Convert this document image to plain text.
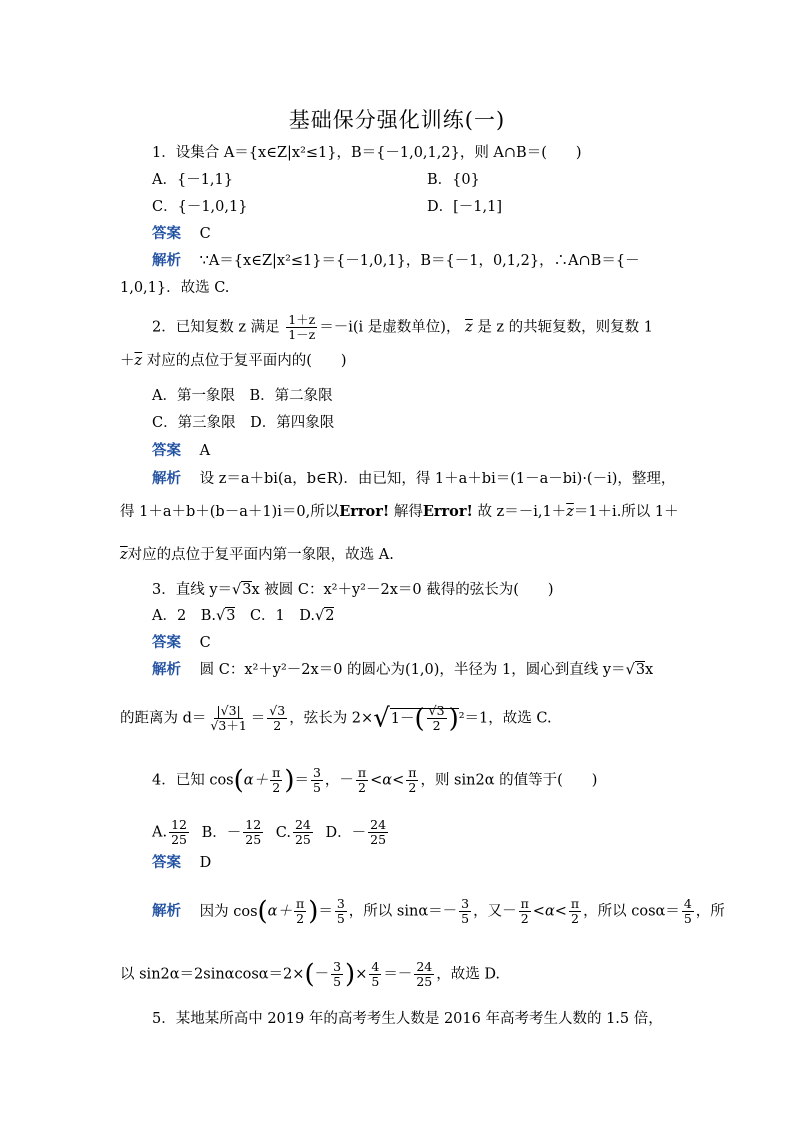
基础保分强化训练(一)
1．设集合 A＝{x∈Z|x²≤1}，B＝{－1,0,1,2}，则 A∩B＝(　　)
A．{－1,1}	B．{0}
C．{－1,0,1}	D．[－1,1]
答案 C
解析 ∵A＝{x∈Z|x²≤1}＝{－1,0,1}，B＝{－1，0,1,2}，∴A∩B＝{－
1,0,1}．故选 C.
2．已知复数 z 满足 $\frac{1+z}{1-z} =-i(i$ 是虚数单位)， $\overline{z}$ 是 z 的共轭复数，则复数 1
$+\overline{z}$ 对应的点位于复平面内的(　　)
A．第一象限　B．第二象限
C．第三象限　D．第四象限
答案 A
解析 设 z＝a＋bi(a，b∈R)．由已知，得 1＋a＋bi＝(1－a－bi)·(－i)，整理，
得 1＋a＋b＋(b－a＋1)i＝0,所以Error! 解得Error! 故 $z=-i,1+\overline{z}=1+i$.所以 1＋
$\overline{z}$对应的点位于复平面内第一象限，故选 A.
3．直线 y＝√3x 被圆 C：x²＋y²－2x＝0 截得的弦长为(　　)
A．2　B.√3　C．1　D.√2
答案 C
解析 圆 C：x²＋y²－2x＝0 的圆心为(1,0)，半径为 1，圆心到直线 y＝√3x
的距离为 $d= \frac{|√3|}{√3+1} = \frac{√3}{2}$ ，弦长为 $2\times√1-( \frac{√3}{2} )^2=1$，故选 C.
4．已知 $\cos(\alpha+ \frac{\pi}{2}$ )＝ $\frac{3}{5}$ ，－ $\frac{\pi}{2} <\alpha< \frac{\pi}{2}$ ，则 sin2α 的值等于(　　)
A. $\frac{12}{25}$ B．－ $\frac{12}{25} C$. $\frac{24}{25}$ D．－ $\frac{24}{25}$
答案 D
解析 因为 $\cos(\alpha+ \frac{\pi}{2}$ )＝ $\frac{3}{5}$ ，所以 $\sin\alpha=- \frac{3}{5}$ ，又－ $\frac{\pi}{2} <\alpha< \frac{\pi}{2}$ ，所以 $\cos\alpha= \frac{4}{5}$ ，所
以 $\sin 2\alpha=2\sin\alpha\cos\alpha=2\times(- \frac{3}{5}$ )× $\frac{4}{5} =- \frac{24}{25}$ ，故选 D.
5．某地某所高中 2019 年的高考考生人数是 2016 年高考考生人数的 1.5 倍，
